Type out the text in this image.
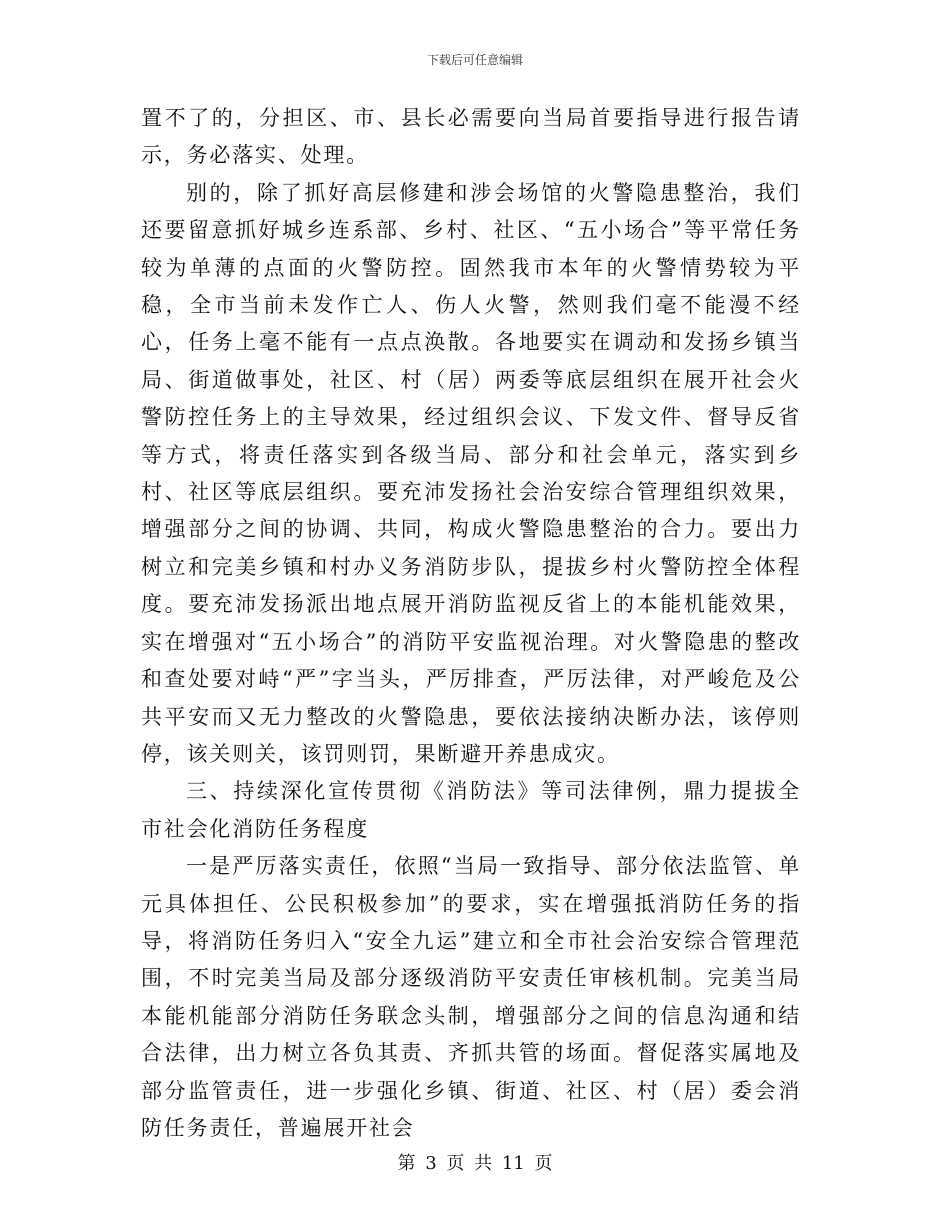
下载后可任意编辑

置不了的，分担区、市、县长必需要向当局首要指导进行报告请示，务必落实、处理。

别的，除了抓好高层修建和涉会场馆的火警隐患整治，我们还要留意抓好城乡连系部、乡村、社区、“五小场合”等平常任务较为单薄的点面的火警防控。固然我市本年的火警情势较为平稳，全市当前未发作亡人、伤人火警，然则我们毫不能漫不经心，任务上毫不能有一点点涣散。各地要实在调动和发扬乡镇当局、街道做事处，社区、村（居）两委等底层组织在展开社会火警防控任务上的主导效果，经过组织会议、下发文件、督导反省等方式，将责任落实到各级当局、部分和社会单元，落实到乡村、社区等底层组织。要充沛发扬社会治安综合管理组织效果，增强部分之间的协调、共同，构成火警隐患整治的合力。要出力树立和完美乡镇和村办义务消防步队，提拔乡村火警防控全体程度。要充沛发扬派出地点展开消防监视反省上的本能机能效果，实在增强对“五小场合”的消防平安监视治理。对火警隐患的整改和查处要对峙“严”字当头，严厉排查，严厉法律，对严峻危及公共平安而又无力整改的火警隐患，要依法接纳决断办法，该停则停，该关则关，该罚则罚，果断避开养患成灾。

三、持续深化宣传贯彻《消防法》等司法律例，鼎力提拔全市社会化消防任务程度

一是严厉落实责任，依照“当局一致指导、部分依法监管、单元具体担任、公民积极参加”的要求，实在增强抵消防任务的指导，将消防任务归入“安全九运”建立和全市社会治安综合管理范围，不时完美当局及部分逐级消防平安责任审核机制。完美当局本能机能部分消防任务联念头制，增强部分之间的信息沟通和结合法律，出力树立各负其责、齐抓共管的场面。督促落实属地及部分监管责任，进一步强化乡镇、街道、社区、村（居）委会消防任务责任，普遍展开社会

第 3 页 共 11 页
